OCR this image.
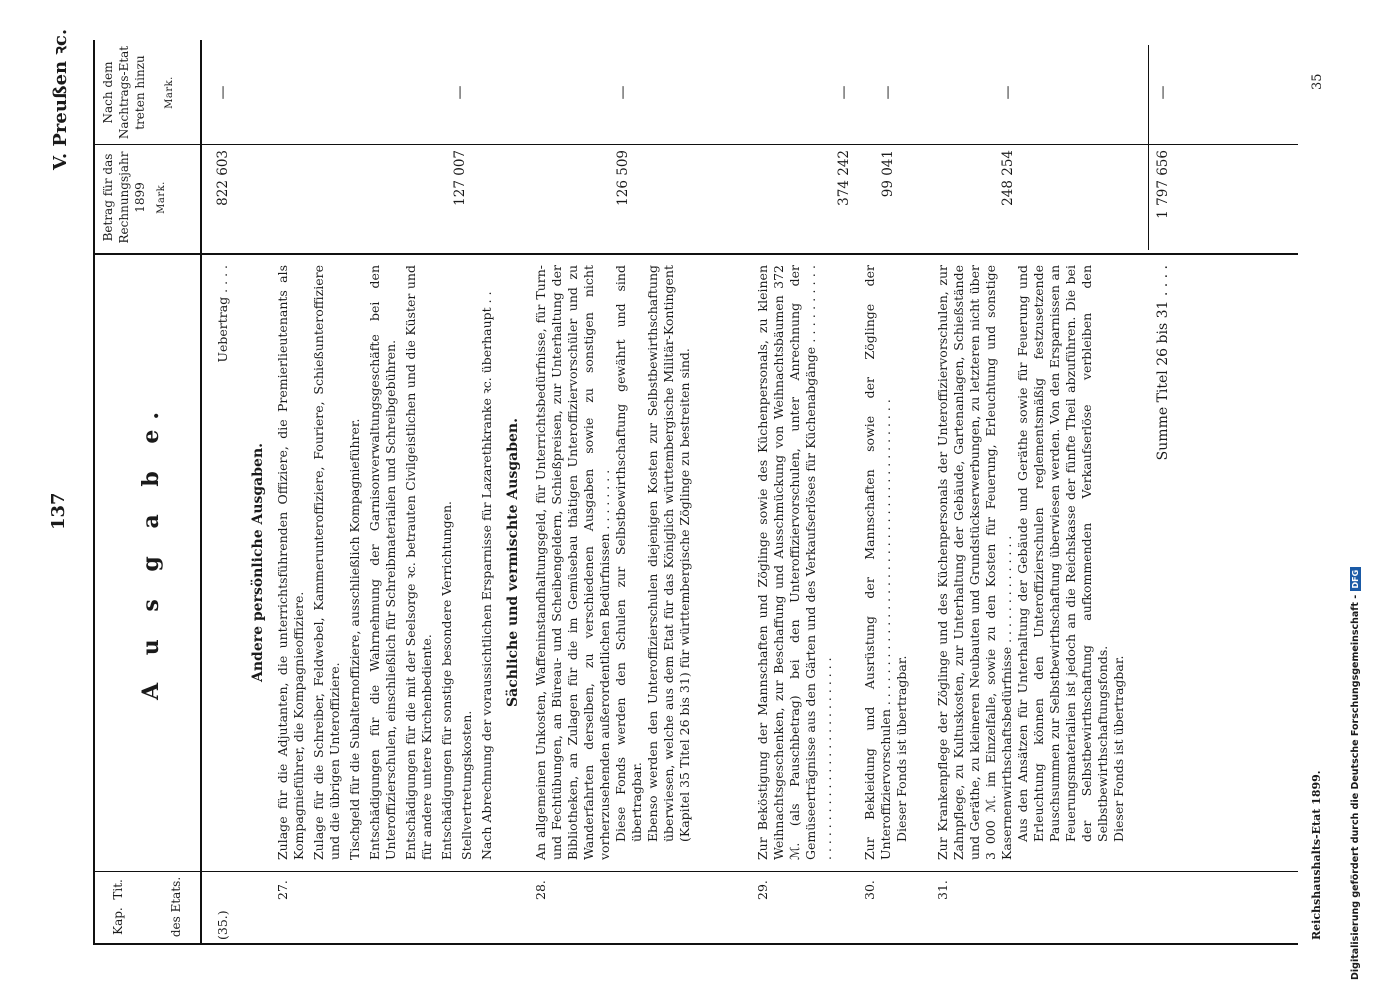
137
V. Preußen ꝛc.
Kap.  Tit.	des Etats.
A u s g a b e.
Betrag für das Rechnungsjahr 1899 Mark.
Nach dem Nachtrags-Etat treten hinzu Mark.
(35.)
Uebertrag . . . .
822 603
—
Andere persönliche Ausgaben.
27.
Zulage für die Adjutanten, die unterrichtsführenden Offiziere, die Premierlieutenants als Kompagnieführer, die Kompagnieoffiziere. Zulage für die Schreiber, Feldwebel, Kammerunteroffiziere, Fouriere, Schießunteroffiziere und die übrigen Unteroffiziere. Tischgeld für die Subalternoffiziere, ausschließlich Kompagnieführer. Entschädigungen für die Wahrnehmung der Garnisonverwaltungsgeschäfte bei den Unteroffizierschulen, einschließlich für Schreibmaterialien und Schreibgebühren. Entschädigungen für die mit der Seelsorge ꝛc. betrauten Civilgeistlichen und die Küster und für andere untere Kirchenbediente. Entschädigungen für sonstige besondere Verrichtungen. Stellvertretungskosten. Nach Abrechnung der voraussichtlichen Ersparnisse für Lazarethkranke ꝛc. überhaupt . .
127 007
—
Sächliche und vermischte Ausgaben.
28.
An allgemeinen Unkosten, Waffeninstandhaltungsgeld, für Unterrichtsbedürfnisse, für Turn- und Fechtübungen, an Büreau- und Scheibengeldern, Schießpreisen, zur Unterhaltung der Bibliotheken, an Zulagen für die im Gemüsebau thätigen Unteroffiziervorschüler und zu Wanderfahrten derselben, zu verschiedenen Ausgaben sowie zu sonstigen nicht vorherzusehenden außerordentlichen Bedürfnissen . . . . . . . . Diese Fonds werden den Schulen zur Selbstbewirthschaftung gewährt und sind übertragbar. Ebenso werden den Unteroffizierschulen diejenigen Kosten zur Selbstbewirthschaftung überwiesen, welche aus dem Etat für das Königlich württembergische Militär-Kontingent (Kapitel 35 Titel 26 bis 31) für württembergische Zöglinge zu bestreiten sind.
126 509
—
29.
Zur Beköstigung der Mannschaften und Zöglinge sowie des Küchenpersonals, zu kleinen Weihnachtsgeschenken, zur Beschaffung und Ausschmückung von Weihnachtsbäumen 372 ℳ. (als Pauschbetrag) bei den Unteroffiziervorschulen, unter Anrechnung der Gemüseerträgnisse aus den Gärten und des Verkaufserlöses für Küchenabgänge . . . . . . . . . . . . . . . . . . . . . . . . . . . . . . . . . . . .
374 242
—
30.
Zur Bekleidung und Ausrüstung der Mannschaften sowie der Zöglinge der Unteroffiziervorschulen . . . . . . . . . . . . . . . . . . . . . . . . . . . . . . . . . . . . . . . Dieser Fonds ist übertragbar.
99 041
—
31.
Zur Krankenpflege der Zöglinge und des Küchenpersonals der Unteroffiziervorschulen, zur Zahnpflege, zu Kultuskosten, zur Unterhaltung der Gebäude, Gartenanlagen, Schießstände und Geräthe, zu kleineren Neubauten und Grundstückserwerbungen, zu letzteren nicht über 3 000 ℳ. im Einzelfalle, sowie zu den Kosten für Feuerung, Erleuchtung und sonstige Kasernenwirthschaftsbedürfnisse . . . . . . . . . . . . . . Aus den Ansätzen für Unterhaltung der Gebäude und Geräthe sowie für Feuerung und Erleuchtung können den Unteroffizierschulen reglementsmäßig festzusetzende Pauschsummen zur Selbstbewirthschaftung überwiesen werden. Von den Ersparnissen an Feuerungsmaterialien ist jedoch an die Reichskasse der fünfte Theil abzuführen. Die bei der Selbstbewirthschaftung aufkommenden Verkaufserlöse verbleiben den Selbstbewirthschaftungsfonds. Dieser Fonds ist übertragbar.
248 254
—
Summe Titel 26 bis 31 . . . .
1 797 656
—
Reichshaushalts-Etat 1899.
35
Digitalisierung gefördert durch die Deutsche Forschungsgemeinschaft - DFG
